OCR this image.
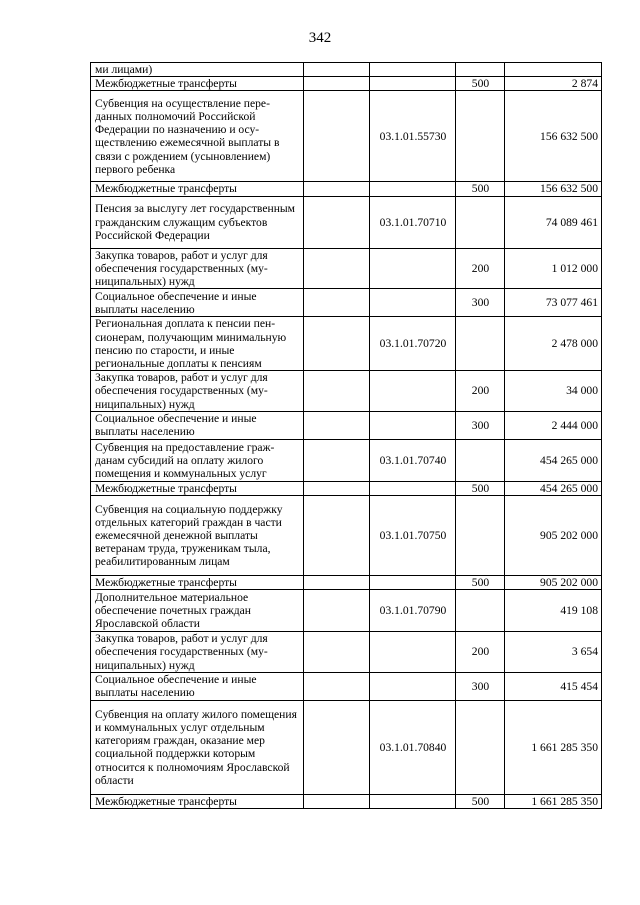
342
ми лицами)				
Межбюджетные трансферты			500	2 874
Субвенция на осуществление переданных полномочий Российской Федерации по назначению и осуществлению ежемесячной выплаты в связи с рождением (усыновлением) первого ребенка		03.1.01.55730		156 632 500
Межбюджетные трансферты			500	156 632 500
Пенсия за выслугу лет государственным гражданским служащим субъектов Российской Федерации		03.1.01.70710		74 089 461
Закупка товаров, работ и услуг для обеспечения государственных (муниципальных) нужд			200	1 012 000
Социальное обеспечение и иные выплаты населению			300	73 077 461
Региональная доплата к пенсии пенсионерам, получающим минимальную пенсию по старости, и иные региональные доплаты к пенсиям		03.1.01.70720		2 478 000
Закупка товаров, работ и услуг для обеспечения государственных (муниципальных) нужд			200	34 000
Социальное обеспечение и иные выплаты населению			300	2 444 000
Субвенция на предоставление гражданам субсидий на оплату жилого помещения и коммунальных услуг		03.1.01.70740		454 265 000
Межбюджетные трансферты			500	454 265 000
Субвенция на социальную поддержку отдельных категорий граждан в части ежемесячной денежной выплаты ветеранам труда, труженикам тыла, реабилитированным лицам		03.1.01.70750		905 202 000
Межбюджетные трансферты			500	905 202 000
Дополнительное материальное обеспечение почетных граждан Ярославской области		03.1.01.70790		419 108
Закупка товаров, работ и услуг для обеспечения государственных (муниципальных) нужд			200	3 654
Социальное обеспечение и иные выплаты населению			300	415 454
Субвенция на оплату жилого помещения и коммунальных услуг отдельным категориям граждан, оказание мер социальной поддержки которым относится к полномочиям Ярославской области		03.1.01.70840		1 661 285 350
Межбюджетные трансферты			500	1 661 285 350
